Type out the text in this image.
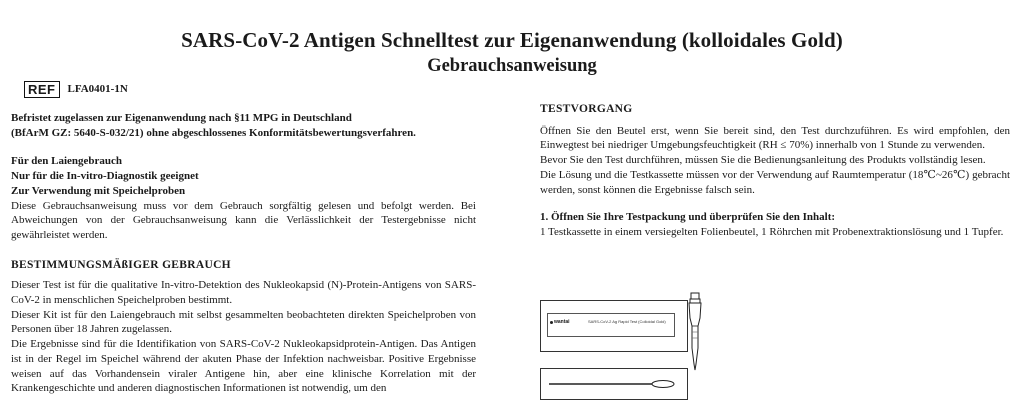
SARS-CoV-2 Antigen Schnelltest zur Eigenanwendung (kolloidales Gold)
Gebrauchsanweisung
REF	LFA0401-1N

Befristet zugelassen zur Eigenanwendung nach §11 MPG in Deutschland

(BfArM GZ: 5640-S-032/21) ohne abgeschlossenes Konformitätsbewertungsverfahren.

Für den Laiengebrauch

Nur für die In-vitro-Diagnostik geeignet

Zur Verwendung mit Speichelproben

Diese Gebrauchsanweisung muss vor dem Gebrauch sorgfältig gelesen und befolgt werden. Bei Abweichungen von der Gebrauchsanweisung kann die Verlässlichkeit der Testergebnisse nicht gewährleistet werden.

BESTIMMUNGSMÄßIGER GEBRAUCH

Dieser Test ist für die qualitative In-vitro-Detektion des Nukleokapsid (N)-Protein-Antigens von SARS-CoV-2 in menschlichen Speichelproben bestimmt.

Dieser Kit ist für den Laiengebrauch mit selbst gesammelten beobachteten direkten Speichelproben von Personen über 18 Jahren zugelassen.

Die Ergebnisse sind für die Identifikation von SARS-CoV-2 Nukleokapsidprotein-Antigen. Das Antigen ist in der Regel im Speichel während der akuten Phase der Infektion nachweisbar. Positive Ergebnisse weisen auf das Vorhandensein viraler Antigene hin, aber eine klinische Korrelation mit der Krankengeschichte und anderen diagnostischen Informationen ist notwendig, um den

TESTVORGANG

Öffnen Sie den Beutel erst, wenn Sie bereit sind, den Test durchzuführen. Es wird empfohlen, den Einwegtest bei niedriger Umgebungsfeuchtigkeit (RH ≤ 70%) innerhalb von 1 Stunde zu verwenden.

Bevor Sie den Test durchführen, müssen Sie die Bedienungsanleitung des Produkts vollständig lesen.

Die Lösung und die Testkassette müssen vor der Verwendung auf Raumtemperatur (18℃~26℃) gebracht werden, sonst können die Ergebnisse falsch sein.

1. Öffnen Sie Ihre Testpackung und überprüfen Sie den Inhalt:

1 Testkassette in einem versiegelten Folienbeutel, 1 Röhrchen mit Probenextraktionslösung und 1 Tupfer.

wantai	SARS-CoV-2 Ag Rapid Test (Colloidal Gold)
